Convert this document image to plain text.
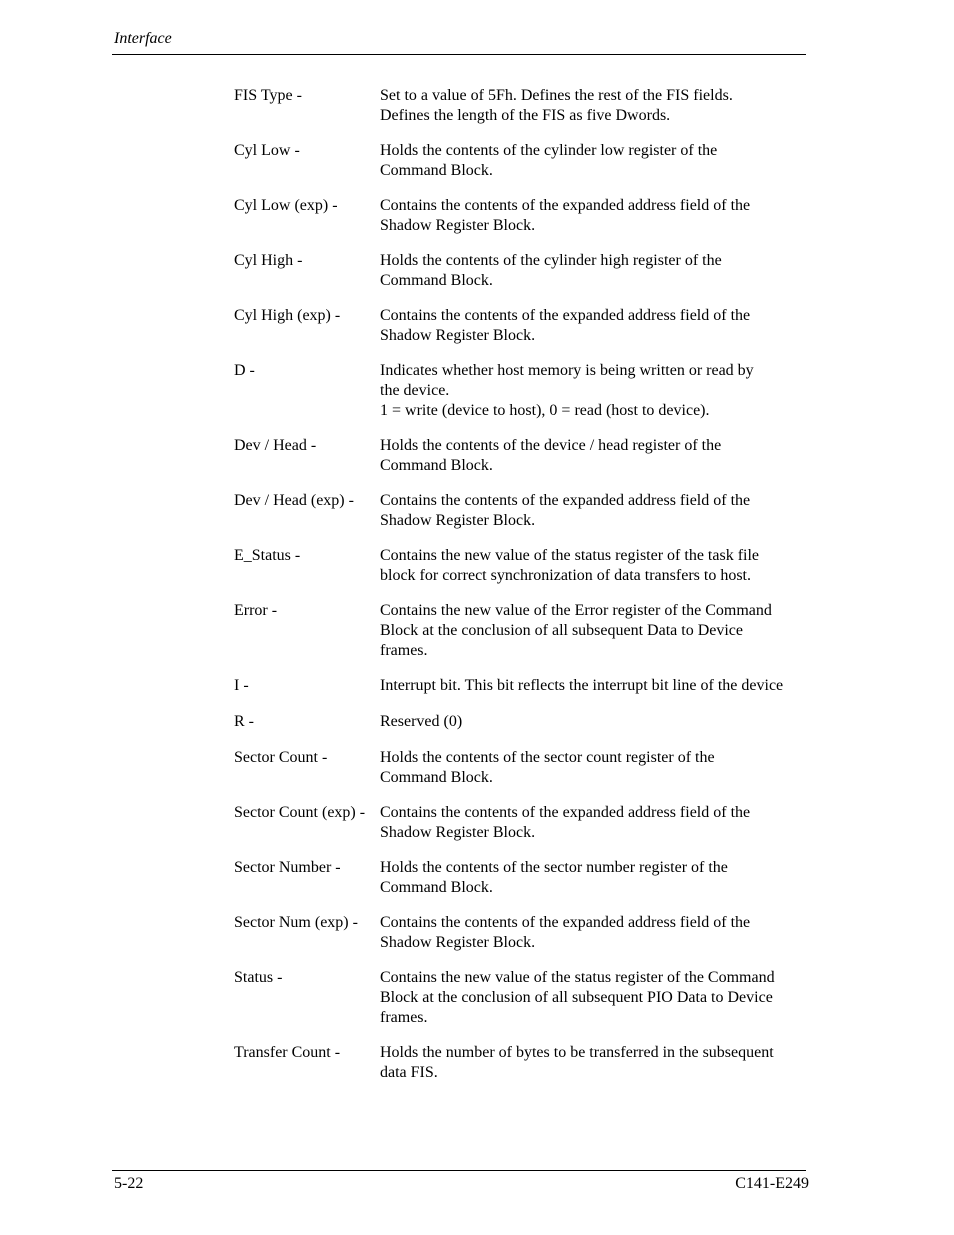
Interface
FIS Type -	Set to a value of 5Fh. Defines the rest of the FIS fields.
Defines the length of the FIS as five Dwords.
Cyl Low -	Holds the contents of the cylinder low register of the
Command Block.
Cyl Low (exp) -	Contains the contents of the expanded address field of the
Shadow Register Block.
Cyl High -	Holds the contents of the cylinder high register of the
Command Block.
Cyl High (exp) -	Contains the contents of the expanded address field of the
Shadow Register Block.
D -	Indicates whether host memory is being written or read by
the device.
1 = write (device to host), 0 = read (host to device).
Dev / Head -	Holds the contents of the device / head register of the
Command Block.
Dev / Head (exp) -	Contains the contents of the expanded address field of the
Shadow Register Block.
E_Status -	Contains the new value of the status register of the task file
block for correct synchronization of data transfers to host.
Error -	Contains the new value of the Error register of the Command
Block at the conclusion of all subsequent Data to Device
frames.
I -	Interrupt bit. This bit reflects the interrupt bit line of the device
R -	Reserved (0)
Sector Count -	Holds the contents of the sector count register of the
Command Block.
Sector Count (exp) - Contains the contents of the expanded address field of the
Shadow Register Block.
Sector Number -	Holds the contents of the sector number register of the
Command Block.
Sector Num (exp) -	Contains the contents of the expanded address field of the
Shadow Register Block.
Status -	Contains the new value of the status register of the Command
Block at the conclusion of all subsequent PIO Data to Device
frames.
Transfer Count -	Holds the number of bytes to be transferred in the subsequent
data FIS.
5-22	C141-E249
